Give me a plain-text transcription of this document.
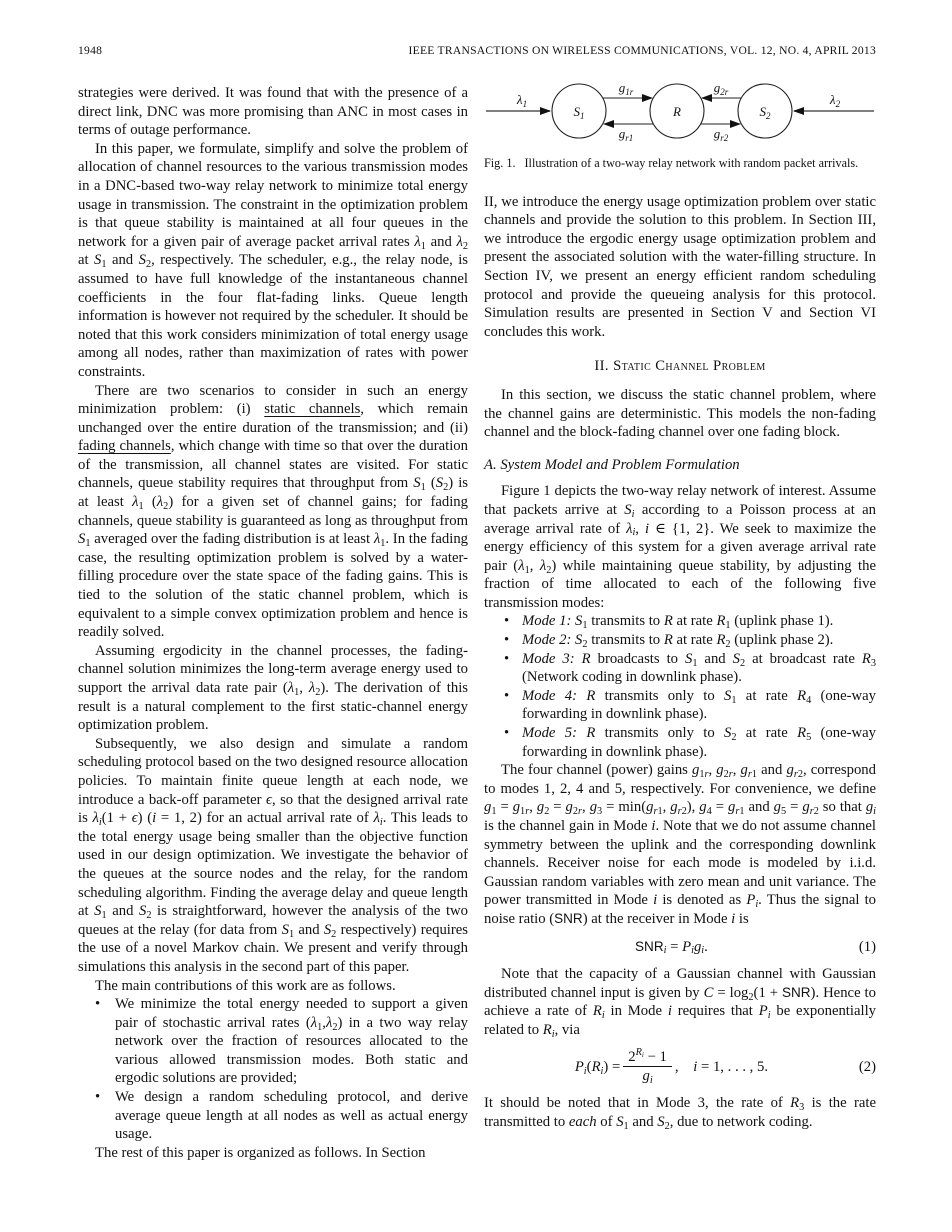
1948	IEEE TRANSACTIONS ON WIRELESS COMMUNICATIONS, VOL. 12, NO. 4, APRIL 2013

strategies were derived. It was found that with the presence of a direct link, DNC was more promising than ANC in most cases in terms of outage performance.

In this paper, we formulate, simplify and solve the problem of allocation of channel resources to the various transmission modes in a DNC-based two-way relay network to minimize total energy usage in transmission. The constraint in the optimization problem is that queue stability is maintained at all four queues in the network for a given pair of average packet arrival rates $\lambda_1$ and $\lambda_2$ at $S_1$ and $S_2$, respectively. The scheduler, e.g., the relay node, is assumed to have full knowledge of the instantaneous channel coefficients in the four flat-fading links. Queue length information is however not required by the scheduler. It should be noted that this work considers minimization of total energy usage among all nodes, rather than maximization of rates with power constraints.

There are two scenarios to consider in such an energy minimization problem: (i) static channels, which remain unchanged over the entire duration of the transmission; and (ii) fading channels, which change with time so that over the duration of the transmission, all channel states are visited. For static channels, queue stability requires that throughput from $S_1$ $(S_2)$ is at least $\lambda_1$ $(\lambda_2)$ for a given set of channel gains; for fading channels, queue stability is guaranteed as long as throughput from $S_1$ averaged over the fading distribution is at least $\lambda_1$. In the fading case, the resulting optimization problem is solved by a water-filling procedure over the state space of the fading gains. This is tied to the solution of the static channel problem, which is equivalent to a simple convex optimization problem and hence is readily solved.

Assuming ergodicity in the channel processes, the fading-channel solution minimizes the long-term average energy used to support the arrival data rate pair ($\lambda_1$, $\lambda_2$). The derivation of this result is a natural complement to the first static-channel energy optimization problem.

Subsequently, we also design and simulate a random scheduling protocol based on the two designed resource allocation policies. To maintain finite queue length at each node, we introduce a back-off parameter ϵ, so that the designed arrival rate is $\lambda_i(1 + \epsilon) (i = 1$, 2) for an actual arrival rate of $\lambda_i$. This leads to the total energy usage being smaller than the objective function used in our design optimization. We investigate the behavior of the queues at the source nodes and the relay, for the random scheduling algorithm. Finding the average delay and queue length at $S_1$ and $S_2$ is straightforward, however the analysis of the two queues at the relay (for data from $S_1$ and $S_2$ respectively) requires the use of a novel Markov chain. We present and verify through simulations this analysis in the second part of this paper.

The main contributions of this work are as follows.

• We minimize the total energy needed to support a given pair of stochastic arrival rates $(\lambda_1,\lambda_2)$ in a two way relay network over the fraction of resources allocated to the various allowed transmission modes. Both static and ergodic solutions are provided;
• We design a random scheduling protocol, and derive average queue length at all nodes as well as actual energy usage.

The rest of this paper is organized as follows. In Section

$S_1$	R	$S_2$
$\lambda_1$
$g_{1r}$
$g_{r1}$
$g_{2r}$
$g_{r2}$
$\lambda_2$
Fig. 1. Illustration of a two-way relay network with random packet arrivals.

II, we introduce the energy usage optimization problem over static channels and provide the solution to this problem. In Section III, we introduce the ergodic energy usage optimization problem and present the associated solution with the water-filling structure. In Section IV, we present an energy efficient random scheduling protocol and provide the queueing analysis for this protocol. Simulation results are presented in Section V and Section VI concludes this work.

II. Static Channel Problem

In this section, we discuss the static channel problem, where the channel gains are deterministic. This models the non-fading channel and the block-fading channel over one fading block.

A. System Model and Problem Formulation

Figure 1 depicts the two-way relay network of interest. Assume that packets arrive at $S_i$ according to a Poisson process at an average arrival rate of $\lambda_i$, i ∈ {1, 2}. We seek to maximize the energy efficiency of this system for a given average arrival rate pair ($\lambda_1$, $\lambda_2$) while maintaining queue stability, by adjusting the fraction of time allocated to each of the following five transmission modes:

• Mode 1: $S_1$ transmits to R at rate $R_1$ (uplink phase 1).
• Mode 2: $S_2$ transmits to R at rate $R_2$ (uplink phase 2).
• Mode 3: R broadcasts to $S_1$ and $S_2$ at broadcast rate $R_3$ (Network coding in downlink phase).
• Mode 4: R transmits only to $S_1$ at rate $R_4$ (one-way forwarding in downlink phase).
• Mode 5: R transmits only to $S_2$ at rate $R_5$ (one-way forwarding in downlink phase).

The four channel (power) gains $g_{1r}$, $g_{2r}$, $g_{r1}$ and $g_{r2}$, correspond to modes 1, 2, 4 and 5, respectively. For convenience, we define $g_1 = g_{1r}$, $g_2 = g_{2r}$, $g_3 = \min(g_{r1}$, $g_{r2}$), $g_4 = g_{r1}$ and $g_5 = g_{r2}$ so that $g_i$ is the channel gain in Mode i. Note that we do not assume channel symmetry between the uplink and the corresponding downlink channels. Receiver noise for each mode is modeled by i.i.d. Gaussian random variables with zero mean and unit variance. The power transmitted in Mode i is denoted as $P_i$. Thus the signal to noise ratio (SNR) at the receiver in Mode i is

$SNR_i = P_ig_i$.	(1)

Note that the capacity of a Gaussian channel with Gaussian distributed channel input is given by $C = \log_2(1 + SNR)$. Hence to achieve a rate of $R_i$ in Mode i requires that $P_i$ be exponentially related to $R_i$, via

$P_i(R_i) = \frac{2^{R_i} - 1}{g_i}$ , i = 1, . . . , 5.	(2)

It should be noted that in Mode 3, the rate of $R_3$ is the rate transmitted to each of $S_1$ and $S_2$, due to network coding.
